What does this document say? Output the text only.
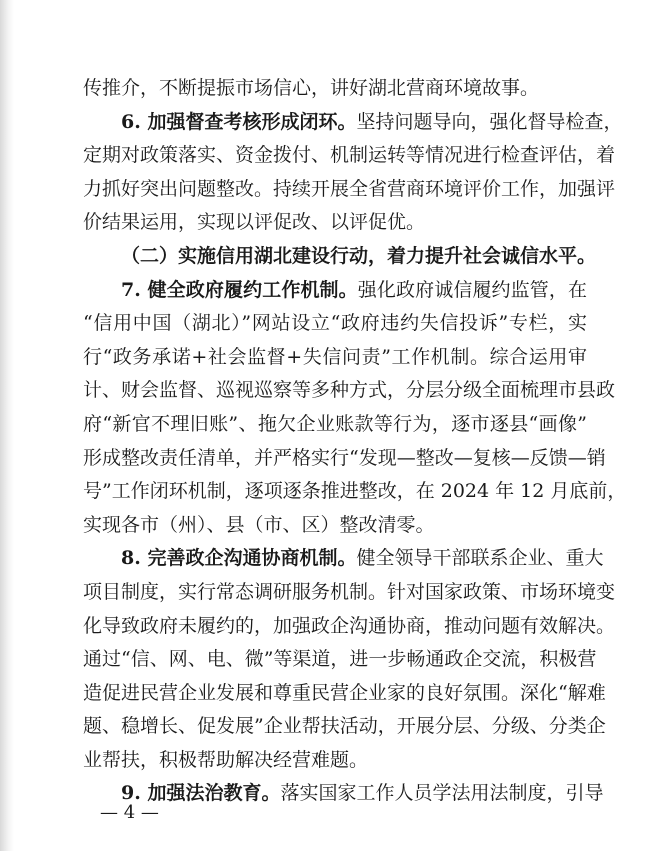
传推介，不断提振市场信心，讲好湖北营商环境故事。
6. 加强督查考核形成闭环。坚持问题导向，强化督导检查，
定期对政策落实、资金拨付、机制运转等情况进行检查评估，着
力抓好突出问题整改。持续开展全省营商环境评价工作，加强评
价结果运用，实现以评促改、以评促优。
（二）实施信用湖北建设行动，着力提升社会诚信水平。
7. 健全政府履约工作机制。强化政府诚信履约监管，在
“信用中国（湖北）”网站设立“政府违约失信投诉”专栏，实
行“政务承诺+社会监督+失信问责”工作机制。综合运用审
计、财会监督、巡视巡察等多种方式，分层分级全面梳理市县政
府“新官不理旧账”、拖欠企业账款等行为，逐市逐县“画像”
形成整改责任清单，并严格实行“发现—整改—复核—反馈—销
号”工作闭环机制，逐项逐条推进整改，在 2024 年 12 月底前，
实现各市（州）、县（市、区）整改清零。
8. 完善政企沟通协商机制。健全领导干部联系企业、重大
项目制度，实行常态调研服务机制。针对国家政策、市场环境变
化导致政府未履约的，加强政企沟通协商，推动问题有效解决。
通过“信、网、电、微”等渠道，进一步畅通政企交流，积极营
造促进民营企业发展和尊重民营企业家的良好氛围。深化“解难
题、稳增长、促发展”企业帮扶活动，开展分层、分级、分类企
业帮扶，积极帮助解决经营难题。
9. 加强法治教育。落实国家工作人员学法用法制度，引导
— 4 —
